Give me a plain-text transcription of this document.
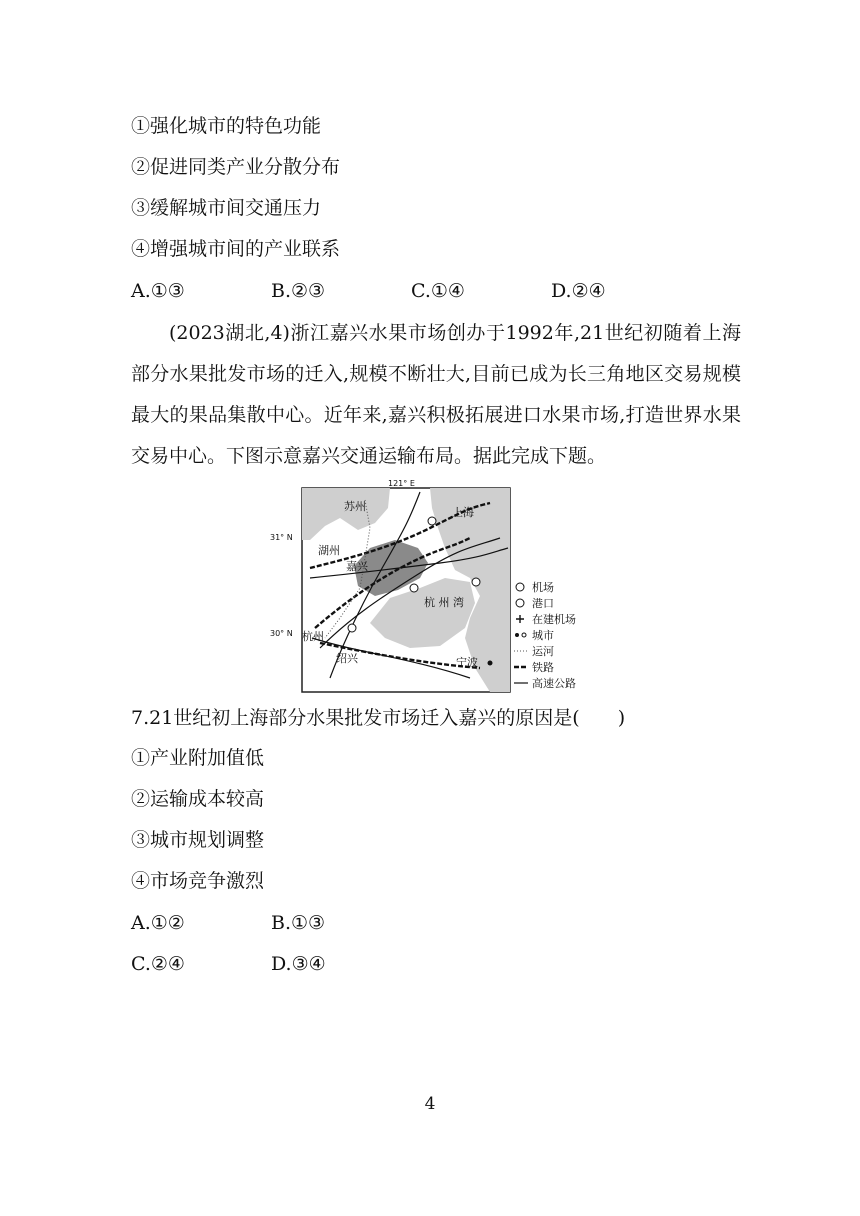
①强化城市的特色功能
②促进同类产业分散分布
③缓解城市间交通压力
④增强城市间的产业联系
A.①③	B.②③	C.①④	D.②④
(2023湖北,4)浙江嘉兴水果市场创办于1992年,21世纪初随着上海部分水果批发市场的迁入,规模不断壮大,目前已成为长三角地区交易规模最大的果品集散中心。近年来,嘉兴积极拓展进口水果市场,打造世界水果交易中心。下图示意嘉兴交通运输布局。据此完成下题。
121° E
31° N
30° N
苏州	上海
湖州
嘉兴
杭 州 湾
杭州
绍兴	宁波
机场
港口
在建机场
城市
运河
铁路
高速公路
7.21世纪初上海部分水果批发市场迁入嘉兴的原因是(　　)
①产业附加值低
②运输成本较高
③城市规划调整
④市场竞争激烈
A.①②	B.①③
C.②④	D.③④
4
